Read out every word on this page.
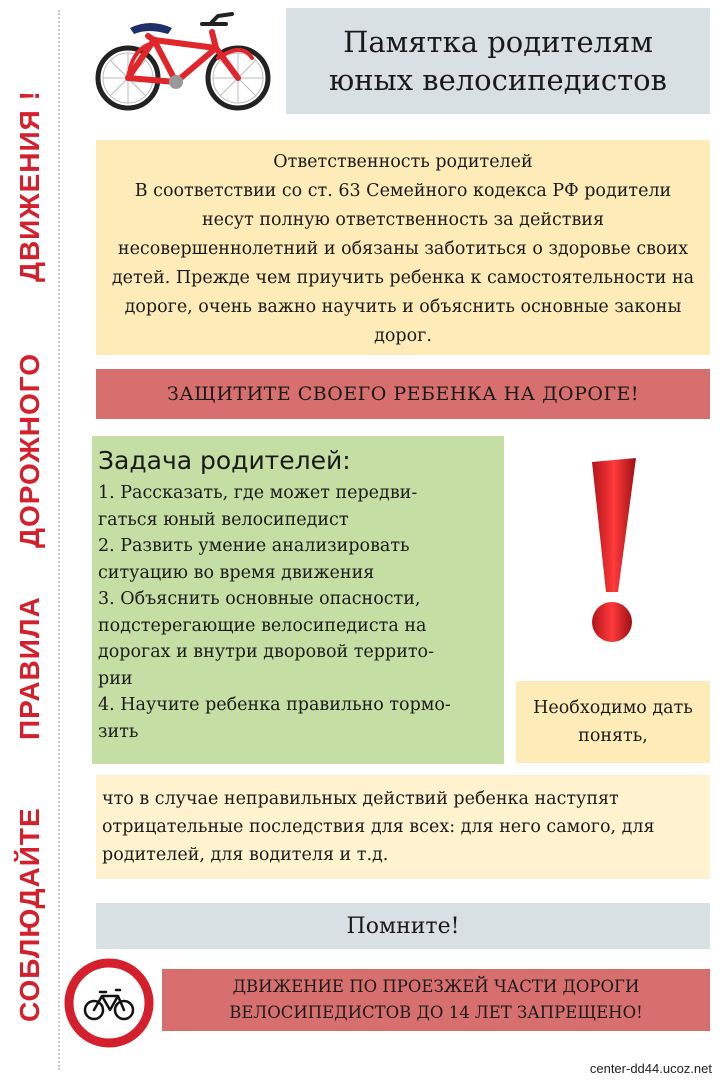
СОБЛЮДАЙТЕ
ПРАВИЛА
ДОРОЖНОГО
ДВИЖЕНИЯ !
Памятка родителям
юных велосипедистов
Ответственность родителей
В соответствии со ст. 63 Семейного кодекса РФ родители несут полную ответственность за действия несовершеннолетний и обязаны заботиться о здоровье своих детей. Прежде чем приучить ребенка к самостоятельности на дороге, очень важно научить и объяснить основные законы дорог.
ЗАЩИТИТЕ СВОЕГО РЕБЕНКА НА ДОРОГЕ!
Задача родителей:
1. Рассказать, где может передви-
гаться юный велосипедист
2. Развить умение анализировать
ситуацию во время движения
3. Объяснить основные опасности,
подстерегающие велосипедиста на
дорогах и внутри дворовой террито-
рии
4. Научите ребенка правильно тормо-
зить
Необходимо дать понять,
что в случае неправильных действий ребенка наступят отрицательные последствия для всех: для него самого, для родителей, для водителя и т.д.
Помните!
ДВИЖЕНИЕ ПО ПРОЕЗЖЕЙ ЧАСТИ ДОРОГИ
ВЕЛОСИПЕДИСТОВ ДО 14 ЛЕТ ЗАПРЕЩЕНО!
center-dd44.ucoz.net
